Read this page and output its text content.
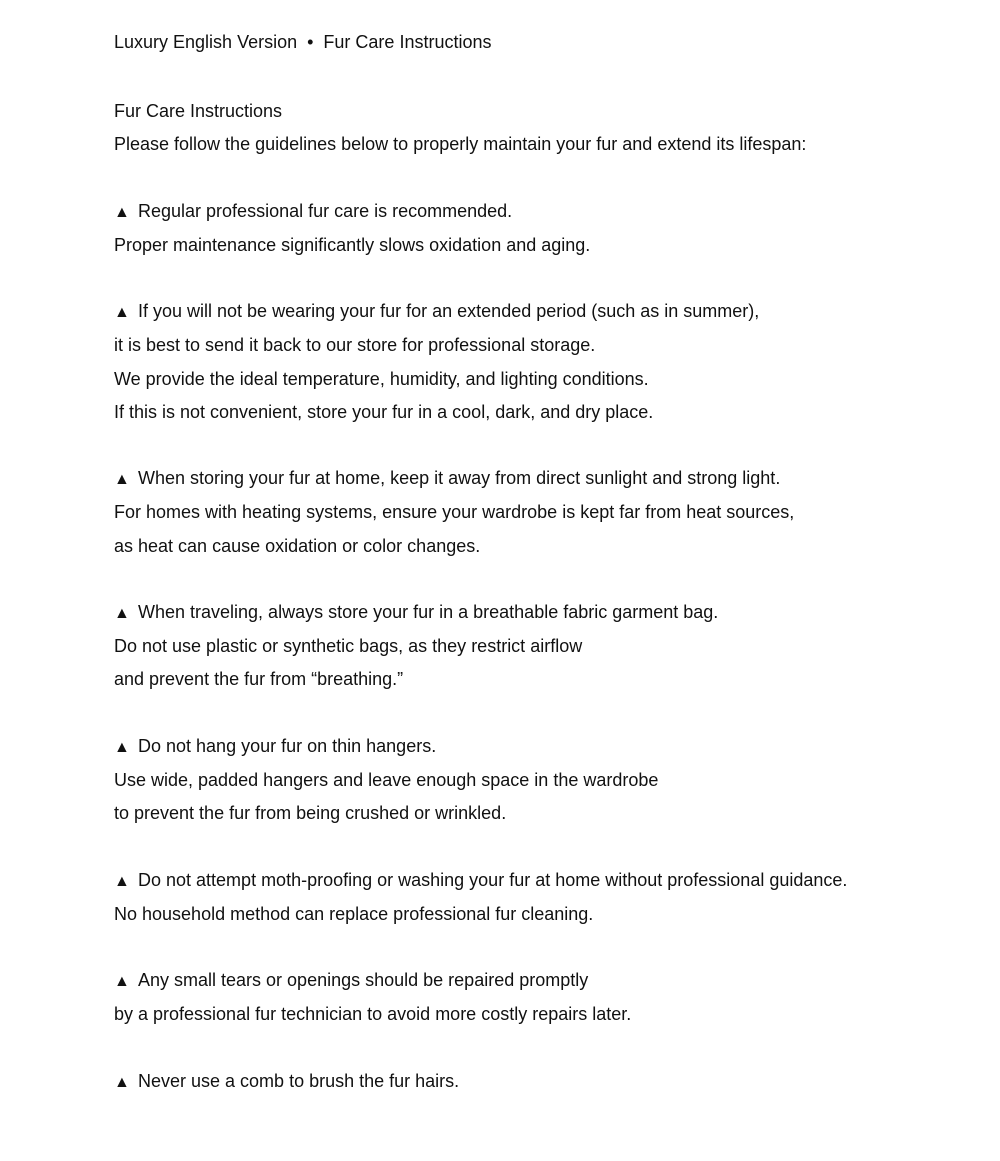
Luxury English Version • Fur Care Instructions
Fur Care Instructions
Please follow the guidelines below to properly maintain your fur and extend its lifespan:
▲ Regular professional fur care is recommended.
Proper maintenance significantly slows oxidation and aging.
▲ If you will not be wearing your fur for an extended period (such as in summer),
it is best to send it back to our store for professional storage.
We provide the ideal temperature, humidity, and lighting conditions.
If this is not convenient, store your fur in a cool, dark, and dry place.
▲ When storing your fur at home, keep it away from direct sunlight and strong light.
For homes with heating systems, ensure your wardrobe is kept far from heat sources,
as heat can cause oxidation or color changes.
▲ When traveling, always store your fur in a breathable fabric garment bag.
Do not use plastic or synthetic bags, as they restrict airflow
and prevent the fur from “breathing.”
▲ Do not hang your fur on thin hangers.
Use wide, padded hangers and leave enough space in the wardrobe
to prevent the fur from being crushed or wrinkled.
▲ Do not attempt moth-proofing or washing your fur at home without professional guidance.
No household method can replace professional fur cleaning.
▲ Any small tears or openings should be repaired promptly
by a professional fur technician to avoid more costly repairs later.
▲ Never use a comb to brush the fur hairs.
